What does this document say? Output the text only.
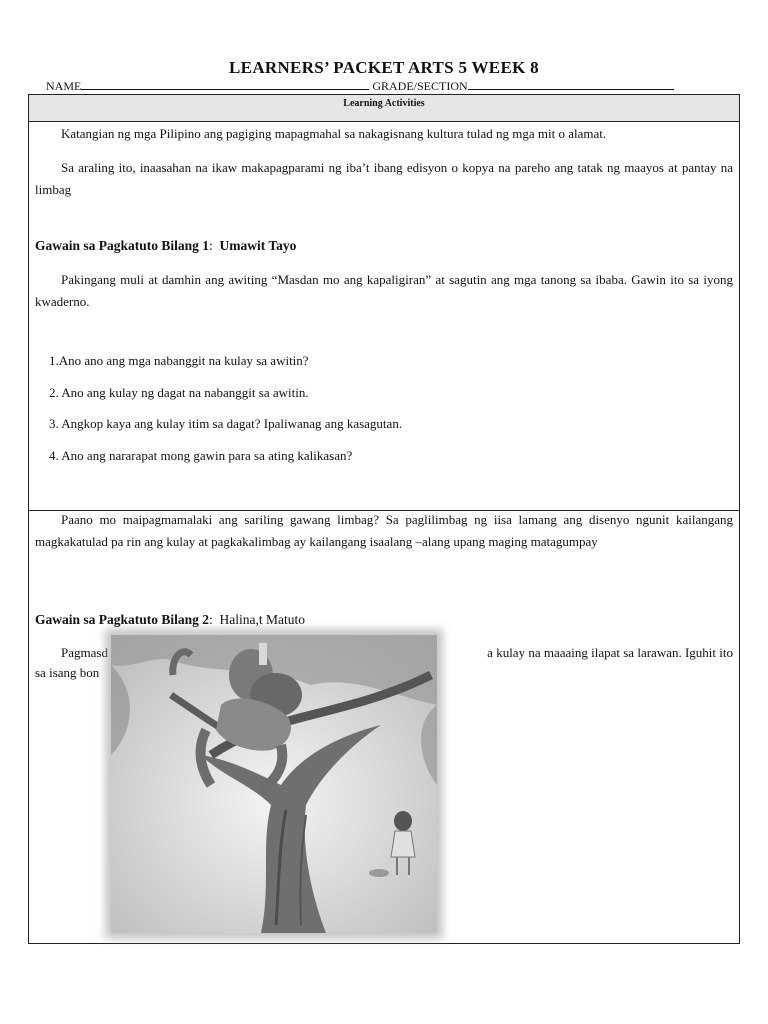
LEARNERS’ PACKET ARTS 5 WEEK 8
NAME	GRADE/SECTION
Learning Activities
Katangian ng mga Pilipino ang pagiging mapagmahal sa nakagisnang kultura tulad ng mga mit o alamat.
Sa araling ito, inaasahan na ikaw makapagparami ng iba’t ibang edisyon o kopya na pareho ang tatak ng maayos at pantay na limbag
Gawain sa Pagkatuto Bilang 1: Umawit Tayo
Pakingang muli at damhin ang awiting “Masdan mo ang kapaligiran” at sagutin ang mga tanong sa ibaba. Gawin ito sa iyong kwaderno.
1.Ano ano ang mga nabanggit na kulay sa awitin?
2. Ano ang kulay ng dagat na nabanggit sa awitin.
3. Angkop kaya ang kulay itim sa dagat? Ipaliwanag ang kasagutan.
4. Ano ang nararapat mong gawin para sa ating kalikasan?
Paano mo maipagmamalaki ang sariling gawang limbag? Sa paglilimbag ng iisa lamang ang disenyo ngunit kailangang magkakatulad pa rin ang kulay at pagkakalimbag ay kailangang isaalang –alang upang maging matagumpay
Gawain sa Pagkatuto Bilang 2: Halina,t Matuto
Pagmasd	a kulay na maaaing ilapat sa larawan. Iguhit ito
sa isang bon
